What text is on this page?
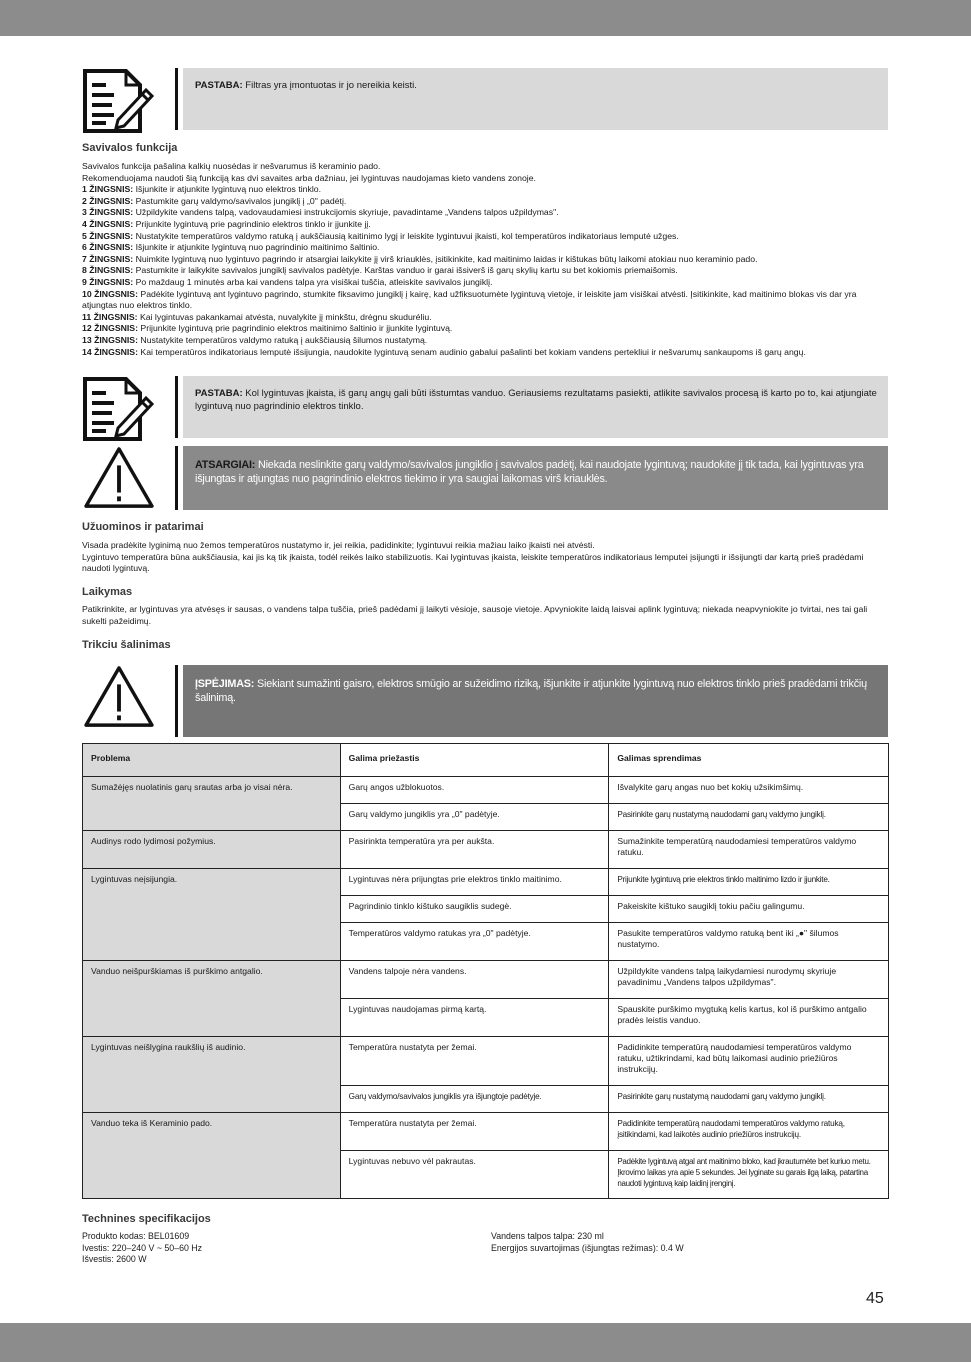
PASTABA: Filtras yra įmontuotas ir jo nereikia keisti.
Savivalos funkcija

Savivalos funkcija pašalina kalkių nuosėdas ir nešvarumus iš keraminio pado.

Rekomenduojama naudoti šią funkciją kas dvi savaites arba dažniau, jei lygintuvas naudojamas kieto vandens zonoje.

1 ŽINGSNIS: Išjunkite ir atjunkite lygintuvą nuo elektros tinklo.

2 ŽINGSNIS: Pastumkite garų valdymo/savivalos jungiklį į „0" padėtį.

3 ŽINGSNIS: Užpildykite vandens talpą, vadovaudamiesi instrukcijomis skyriuje, pavadintame „Vandens talpos užpildymas".

4 ŽINGSNIS: Prijunkite lygintuvą prie pagrindinio elektros tinklo ir įjunkite jį.

5 ŽINGSNIS: Nustatykite temperatūros valdymo ratuką į aukščiausią kaitinimo lygį ir leiskite lygintuvui įkaisti, kol temperatūros indikatoriaus lemputė užges.

6 ŽINGSNIS: Išjunkite ir atjunkite lygintuvą nuo pagrindinio maitinimo šaltinio.

7 ŽINGSNIS: Nuimkite lygintuvą nuo lygintuvo pagrindo ir atsargiai laikykite jį virš kriauklės, įsitikinkite, kad maitinimo laidas ir kištukas būtų laikomi atokiau nuo keraminio pado.

8 ŽINGSNIS: Pastumkite ir laikykite savivalos jungiklį savivalos padėtyje. Karštas vanduo ir garai išsiverš iš garų skylių kartu su bet kokiomis priemaišomis.

9 ŽINGSNIS: Po maždaug 1 minutės arba kai vandens talpa yra visiškai tuščia, atleiskite savivalos jungiklį.

10 ŽINGSNIS: Padėkite lygintuvą ant lygintuvo pagrindo, stumkite fiksavimo jungiklį į kairę, kad užfiksuotumėte lygintuvą vietoje, ir leiskite jam visiškai atvėsti. Įsitikinkite, kad maitinimo blokas vis dar yra atjungtas nuo elektros tinklo.

11 ŽINGSNIS: Kai lygintuvas pakankamai atvėsta, nuvalykite jį minkštu, drėgnu skuduréliu.

12 ŽINGSNIS: Prijunkite lygintuvą prie pagrindinio elektros maitinimo šaltinio ir įjunkite lygintuvą.

13 ŽINGSNIS: Nustatykite temperatūros valdymo ratuką į aukščiausią šilumos nustatymą.

14 ŽINGSNIS: Kai temperatūros indikatoriaus lemputė išsijungia, naudokite lygintuvą senam audinio gabalui pašalinti bet kokiam vandens pertekliui ir nešvarumų sankaupoms iš garų angų.

PASTABA: Kol lygintuvas įkaista, iš garų angų gali būti išstumtas vanduo. Geriausiems rezultatams pasiekti, atlikite savivalos procesą iš karto po to, kai atjungiate lygintuvą nuo pagrindinio elektros tinklo.
ATSARGIAI: Niekada neslinkite garų valdymo/savivalos jungiklio į savivalos padėtį, kai naudojate lygintuvą; naudokite jį tik tada, kai lygintuvas yra išjungtas ir atjungtas nuo pagrindinio elektros tiekimo ir yra saugiai laikomas virš kriauklės.
Užuominos ir patarimai

Visada pradėkite lyginimą nuo žemos temperatūros nustatymo ir, jei reikia, padidinkite; lygintuvui reikia mažiau laiko įkaisti nei atvėsti.

Lygintuvo temperatūra būna aukščiausia, kai jis ką tik įkaista, todėl reikės laiko stabilizuotis. Kai lygintuvas įkaista, leiskite temperatūros indikatoriaus lemputei įsijungti ir išsijungti dar kartą prieš pradėdami naudoti lygintuvą.

Laikymas
Patikrinkite, ar lygintuvas yra atvėsęs ir sausas, o vandens talpa tuščia, prieš padėdami jį laikyti vėsioje, sausoje vietoje. Apvyniokite laidą laisvai aplink lygintuvą; niekada neapvyniokite jo tvirtai, nes tai gali sukelti pažeidimų.
Trikciu šalinimas
ĮSPĖJIMAS: Siekiant sumažinti gaisro, elektros smūgio ar sužeidimo riziką, išjunkite ir atjunkite lygintuvą nuo elektros tinklo prieš pradėdami trikčių šalinimą.
Problema	Galima priežastis	Galimas sprendimas
Sumažėjęs nuolatinis garų srautas arba jo visai nėra.	Garų angos užblokuotos.	Išvalykite garų angas nuo bet kokių užsikimšimų.
	Garų valdymo jungiklis yra „0" padėtyje.	Pasirinkite garų nustatymą naudodami garų valdymo jungiklį.
Audinys rodo lydimosi požymius.	Pasirinkta temperatūra yra per aukšta.	Sumažinkite temperatūrą naudodamiesi temperatūros valdymo ratuku.
Lygintuvas neįsijungia.	Lygintuvas nėra prijungtas prie elektros tinklo maitinimo.	Prijunkite lygintuvą prie elektros tinklo maitinimo lizdo ir įjunkite.
	Pagrindinio tinklo kištuko saugiklis sudegė.	Pakeiskite kištuko saugiklį tokiu pačiu galingumu.
	Temperatūros valdymo ratukas yra „0" padėtyje.	Pasukite temperatūros valdymo ratuką bent iki „●" šilumos nustatymo.
Vanduo neišpurškiamas iš purškimo antgalio.	Vandens talpoje nėra vandens.	Užpildykite vandens talpą laikydamiesi nurodymų skyriuje pavadinimu „Vandens talpos užpildymas".
	Lygintuvas naudojamas pirmą kartą.	Spauskite purškimo mygtuką kelis kartus, kol iš purškimo antgalio pradės leistis vanduo.
Lygintuvas neišlygina raukšlių iš audinio.	Temperatūra nustatyta per žemai.	Padidinkite temperatūrą naudodamiesi temperatūros valdymo ratuku, užtikrindami, kad būtų laikomasi audinio priežiūros instrukcijų.
	Garų valdymo/savivalos jungiklis yra išjungtoje padėtyje.	Pasirinkite garų nustatymą naudodami garų valdymo jungiklį.
Vanduo teka iš Keraminio pado.	Temperatūra nustatyta per žemai.	Padidinkite temperatūrą naudodami temperatūros valdymo ratuką, įsitikindami, kad laikotės audinio priežiūros instrukcijų.
	Lygintuvas nebuvo vėl pakrautas.	Padėkite lygintuvą atgal ant maitinimo bloko, kad įkrautumėte bet kuriuo metu. Įkrovimo laikas yra apie 5 sekundes. Jei lyginate su garais ilgą laiką, patartina naudoti lygintuvą kaip laidinį įrenginį.
Technines specifikacijos
Produkto kodas: BEL01609
Ivestis: 220–240 V ~ 50–60 Hz
Išvestis: 2600 W
Vandens talpos talpa: 230 ml
Energijos suvartojimas (išjungtas režimas): 0.4 W
45
